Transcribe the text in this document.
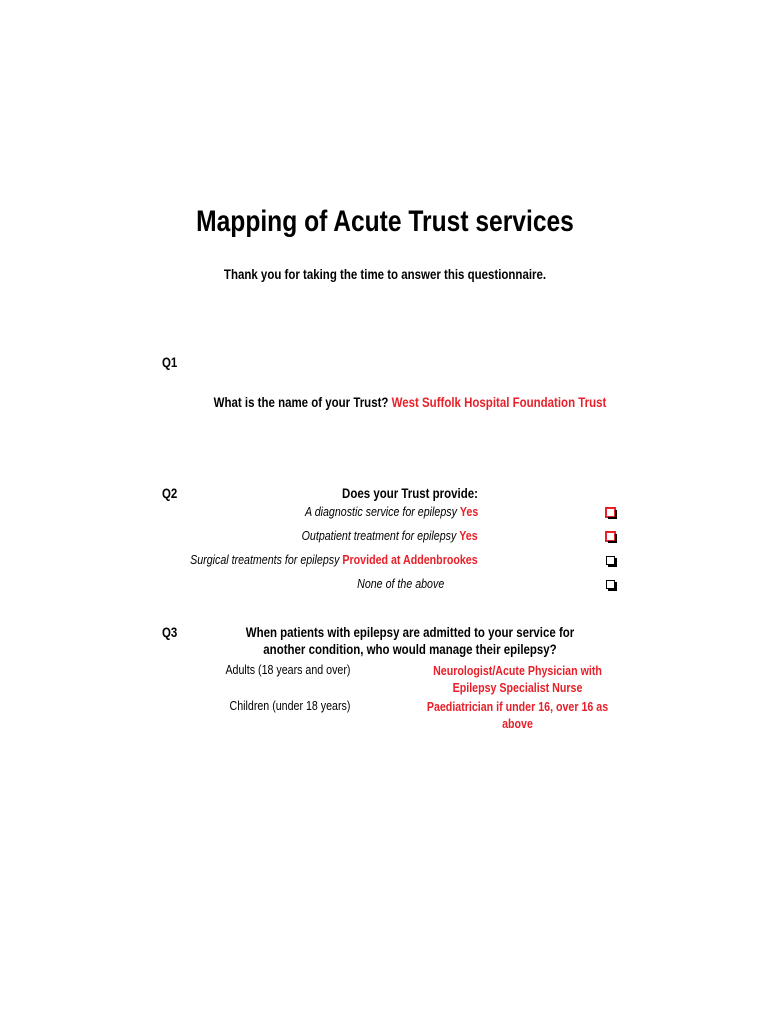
Mapping of Acute Trust services
Thank you for taking the time to answer this questionnaire.
Q1
What is the name of your Trust? West Suffolk Hospital Foundation Trust
Q2	Does your Trust provide:
A diagnostic service for epilepsy Yes
Outpatient treatment for epilepsy Yes
Surgical treatments for epilepsy Provided at Addenbrookes
None of the above
Q3	When patients with epilepsy are admitted to your service for another condition, who would manage their epilepsy?
Adults (18 years and over)	Neurologist/Acute Physician with Epilepsy Specialist Nurse
Children (under 18 years)	Paediatrician if under 16, over 16 as above
